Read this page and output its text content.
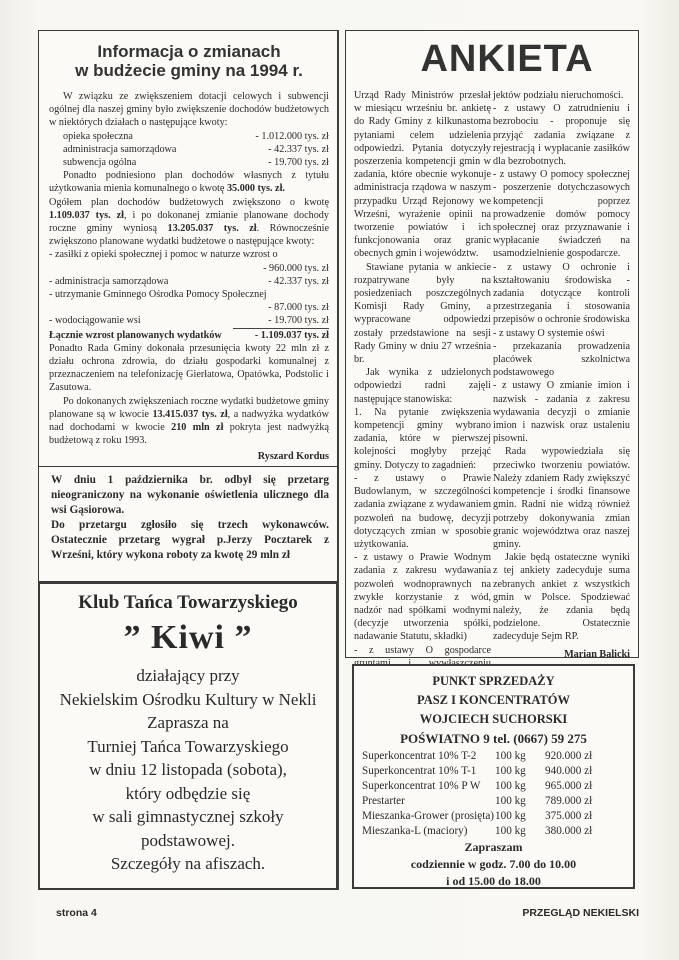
Informacja o zmianach
w budżecie gminy na 1994 r.

W związku ze zwiększeniem dotacji celowych i subwencji ogólnej dla naszej gminy było zwiększenie dochodów budżetowych w niektórych działach o następujące kwoty:

opieka społeczna	- 1.012.000 tys. zł
administracja samorządowa	- 42.337 tys. zł
subwencja ogólna	- 19.700 tys. zł

Ponadto podniesiono plan dochodów własnych z tytułu użytkowania mienia komunalnego o kwotę 35.000 tys. zł.

Ogółem plan dochodów budżetowych zwiększono o kwotę 1.109.037 tys. zł, i po dokonanej zmianie planowane dochody roczne gminy wyniosą 13.205.037 tys. zł. Równocześnie zwiększono planowane wydatki budżetowe o następujące kwoty:

- zasiłki z opieki społecznej i pomoc w naturze wzrost o
- 960.000 tys. zł
- administracja samorządowa	- 42.337 tys. zł
- utrzymanie Gminnego Ośrodka Pomocy Społecznej
- 87.000 tys. zł
- wodociągowanie wsi	- 19.700 tys. zł
Łącznie wzrost planowanych wydatków	- 1.109.037 tys. zł

Ponadto Rada Gminy dokonała przesunięcia kwoty 22 mln zł z działu ochrona zdrowia, do działu gospodarki komunalnej z przeznaczeniem na telefonizację Gierłatowa, Opatówka, Podstolic i Zasutowa.

Po dokonanych zwiększeniach roczne wydatki budżetowe gminy planowane są w kwocie 13.415.037 tys. zł, a nadwyżka wydatków nad dochodami w kwocie 210 mln zł pokryta jest nadwyżką budżetową z roku 1993.

Ryszard Kordus

W dniu 1 października br. odbył się przetarg nieograniczony na wykonanie oświetlenia ulicznego dla wsi Gąsiorowa.

Do przetargu zgłosiło się trzech wykonawców. Ostatecznie przetarg wygrał p.Jerzy Pocztarek z Wrześni, który wykona roboty za kwotę 29 mln zł

Klub Tańca Towarzyskiego
” Kiwi ”
działający przy
Nekielskim Ośrodku Kultury w Nekli
Zaprasza na
Turniej Tańca Towarzyskiego
w dniu 12 listopada (sobota),
który odbędzie się
w sali gimnastycznej szkoły
podstawowej.
Szczegóły na afiszach.
ANKIETA

Urząd Rady Ministrów przesłał w miesiącu wrześniu br. ankietę do Rady Gminy z kilkunastoma pytaniami celem udzielenia odpowiedzi. Pytania dotyczyły poszerzenia kompetencji gmin w zadania, które obecnie wykonuje administracja rządowa w naszym przypadku Urząd Rejonowy we Wrześni, wyrażenie opinii na tworzenie powiatów i ich funkcjonowania oraz granic obecnych gmin i województw.

Stawiane pytania w ankiecie rozpatrywane były na posiedzeniach poszczególnych Komisji Rady Gminy, a wypracowane odpowiedzi zostały przedstawione na sesji Rady Gminy w dniu 27 września br.

Jak wynika z udzielonych odpowiedzi radni zajęli następujące stanowiska:

1. Na pytanie zwiększenia kompetencji gminy wybrano zadania, które w pierwszej kolejności mogłyby przejąć gminy. Dotyczy to zagadnień:

- z ustawy o Prawie Budowlanym, w szczególności zadania związane z wydawaniem pozwoleń na budowę, decyzji dotyczących zmian w sposobie użytkowania.

- z ustawy o Prawie Wodnym zadania z zakresu wydawania pozwoleń wodnoprawnych na zwykłe korzystanie z wód, nadzór nad spółkami wodnymi (decyzje utworzenia spółki, nadawanie Statutu, składki)

- z ustawy O gospodarce

jektów podziału nieruchomości.

- z ustawy O zatrudnieniu i bezrobociu - proponuje się przyjąć zadania związane z rejestracją i wypłacanie zasiłków dla bezrobotnych.

- z ustawy O pomocy społecznej - poszerzenie dotychczasowych kompetencji poprzez prowadzenie domów pomocy społecznej oraz przyznawanie i wypłacanie świadczeń na usamodzielnienie gospodarcze.

- z ustawy O ochronie i kształtowaniu środowiska - zadania dotyczące kontroli przestrzegania i stosowania przepisów o ochronie środowiska

- z ustawy O systemie oświ

- przekazania prowadzenia placówek szkolnictwa podstawowego

- z ustawy O zmianie imion i nazwisk - zadania z zakresu wydawania decyzji o zmianie imion i nazwisk oraz ustaleniu pisowni.

Rada wypowiedziała się przeciwko tworzeniu powiatów. Należy zdaniem Rady zwiększyć kompetencje i środki finansowe gmin. Radni nie widzą również potrzeby dokonywania zmian granic województwa oraz naszej gminy.

Jakie będą ostateczne wyniki z tej ankiety zadecyduje suma zebranych ankiet z wszystkich gmin w Polsce. Spodziewać należy, że zdania będą podzielone. Ostatecznie zadecyduje Sejm RP.

Marian Balicki
PUNKT SPRZEDAŻY
PASZ I KONCENTRATÓW
WOJCIECH SUCHORSKI
POŚWIATNO 9 tel. (0667) 59 275
Superkoncentrat 10% T-2	100 kg	920.000 zł
Superkoncentrat 10% T-1	100 kg	940.000 zł
Superkoncentrat 10% P W	100 kg	965.000 zł
Prestarter	100 kg	789.000 zł
Mieszanka-Grower (prosięta)	100 kg	375.000 zł
Mieszanka-L (maciory)	100 kg	380.000 zł
Zapraszam
codziennie w godz. 7.00 do 10.00
i od 15.00 do 18.00
strona 4	PRZEGLĄD NEKIELSKI
